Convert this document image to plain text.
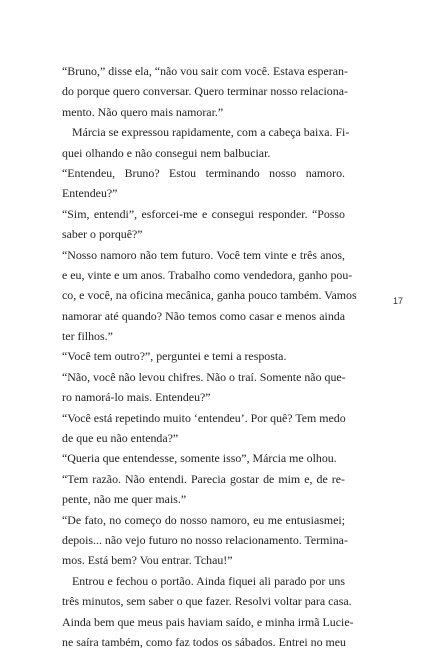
“Bruno,” disse ela, “não vou sair com você. Estava esperan-
do porque quero conversar. Quero terminar nosso relaciona-
mento. Não quero mais namorar.”
Márcia se expressou rapidamente, com a cabeça baixa. Fi-
quei olhando e não consegui nem balbuciar.
“Entendeu, Bruno? Estou terminando nosso namoro.
Entendeu?”
“Sim, entendi”, esforcei-me e consegui responder. “Posso
saber o porquê?”
“Nosso namoro não tem futuro. Você tem vinte e três anos,
e eu, vinte e um anos. Trabalho como vendedora, ganho pou-
co, e você, na oficina mecânica, ganha pouco também. Vamos
namorar até quando? Não temos como casar e menos ainda
ter filhos.”
“Você tem outro?”, perguntei e temi a resposta.
“Não, você não levou chifres. Não o traí. Somente não que-
ro namorá-lo mais. Entendeu?”
“Você está repetindo muito ‘entendeu’. Por quê? Tem medo
de que eu não entenda?”
“Queria que entendesse, somente isso”, Márcia me olhou.
“Tem razão. Não entendi. Parecia gostar de mim e, de re-
pente, não me quer mais.”
“De fato, no começo do nosso namoro, eu me entusiasmei;
depois... não vejo futuro no nosso relacionamento. Termina-
mos. Está bem? Vou entrar. Tchau!”
Entrou e fechou o portão. Ainda fiquei ali parado por uns
três minutos, sem saber o que fazer. Resolvi voltar para casa.
Ainda bem que meus pais haviam saído, e minha irmã Lucie-
ne saíra também, como faz todos os sábados. Entrei no meu
17
